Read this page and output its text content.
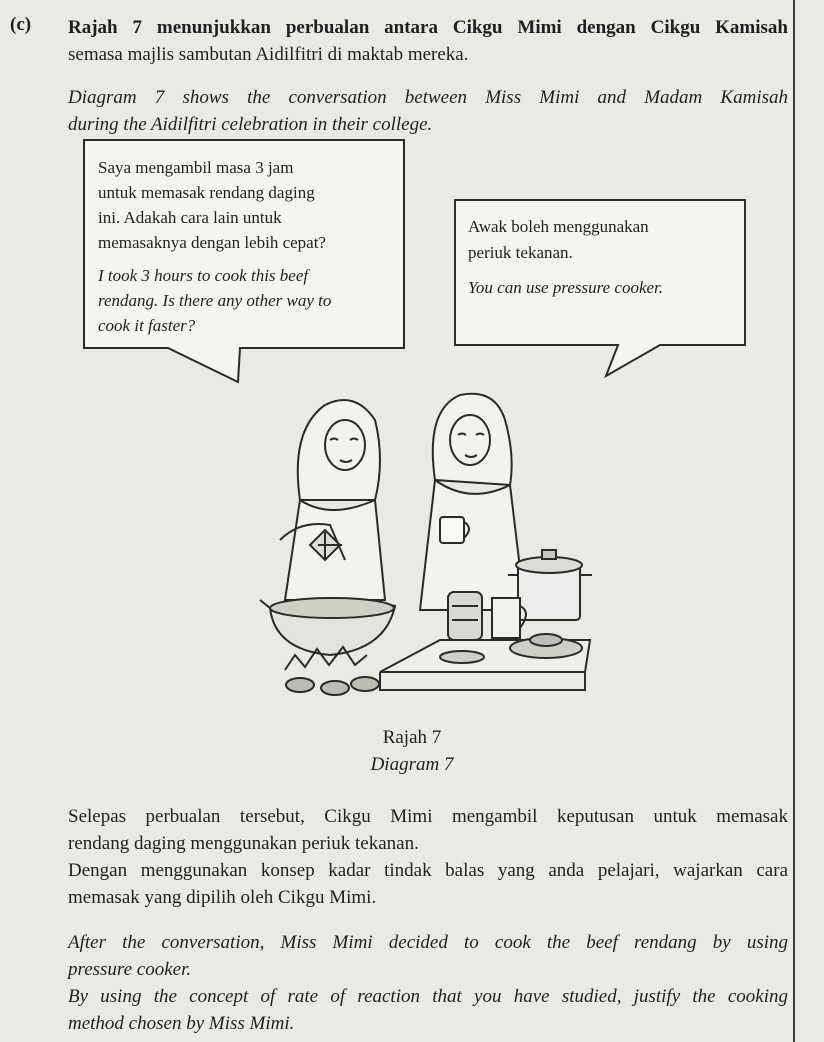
(c) Rajah 7 menunjukkan perbualan antara Cikgu Mimi dengan Cikgu Kamisah

semasa majlis sambutan Aidilfitri di maktab mereka.

Diagram 7 shows the conversation between Miss Mimi and Madam Kamisah

during the Aidilfitri celebration in their college.

Saya mengambil masa 3 jam

untuk memasak rendang daging

ini. Adakah cara lain untuk

memasaknya dengan lebih cepat?

I took 3 hours to cook this beef

rendang. Is there any other way to

cook it faster?

Awak boleh menggunakan

periuk tekanan.

You can use pressure cooker.

Rajah 7
Diagram 7

Selepas perbualan tersebut, Cikgu Mimi mengambil keputusan untuk memasak

rendang daging menggunakan periuk tekanan.

Dengan menggunakan konsep kadar tindak balas yang anda pelajari, wajarkan cara

memasak yang dipilih oleh Cikgu Mimi.

After the conversation, Miss Mimi decided to cook the beef rendang by using

pressure cooker.

By using the concept of rate of reaction that you have studied, justify the cooking

method chosen by Miss Mimi.
